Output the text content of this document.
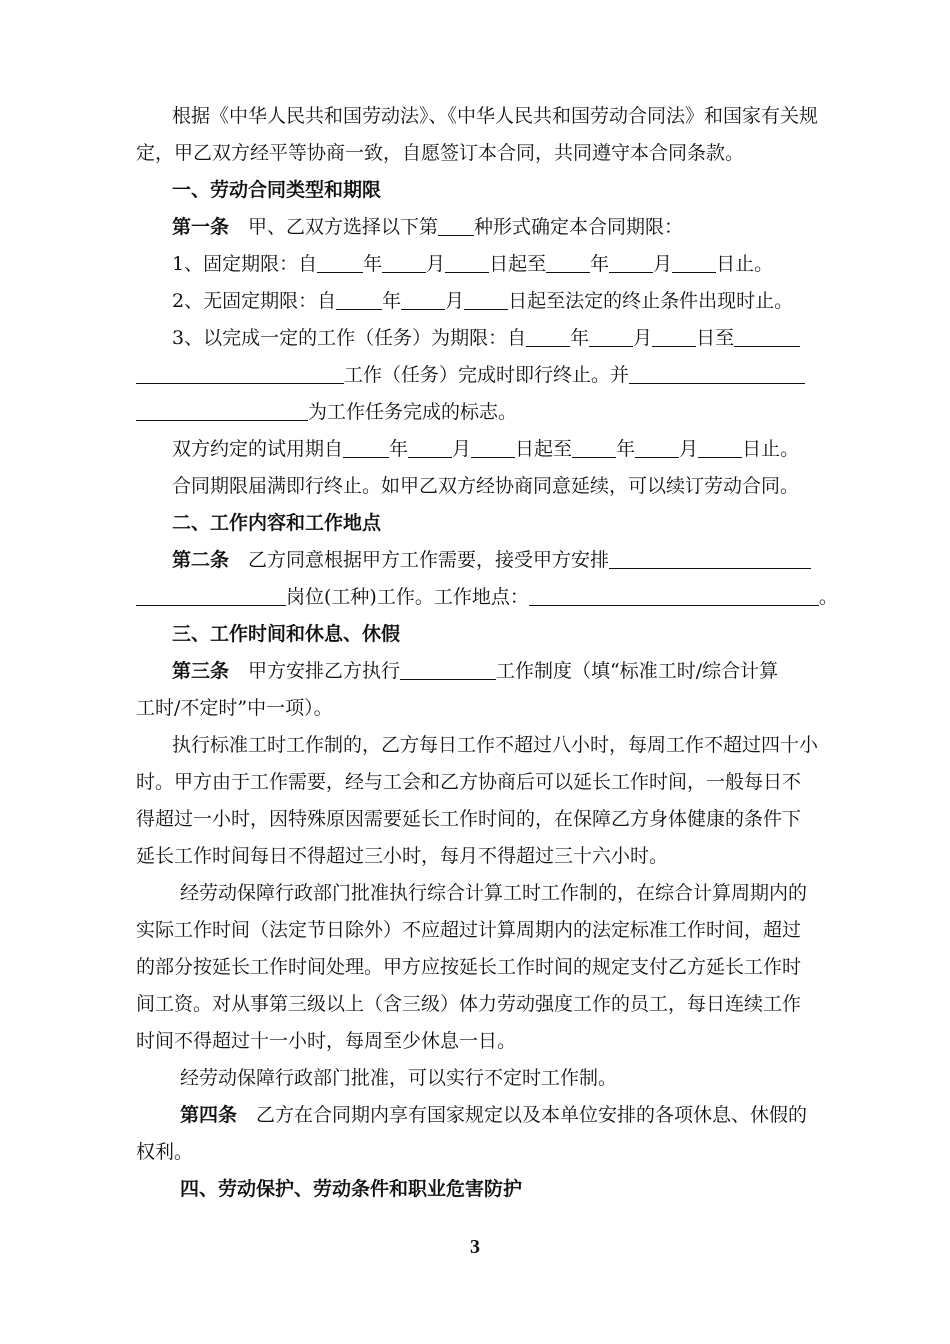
根据《中华人民共和国劳动法》、《中华人民共和国劳动合同法》和国家有关规
定，甲乙双方经平等协商一致，自愿签订本合同，共同遵守本合同条款。
一、劳动合同类型和期限
第一条 甲、乙双方选择以下第 种形式确定本合同期限：
1、固定期限：自 年 月 日起至 年 月 日止。
2、无固定期限：自 年 月 日起至法定的终止条件出现时止。
3、以完成一定的工作（任务）为期限：自 年 月 日至
工作（任务）完成时即行终止。并
为工作任务完成的标志。
双方约定的试用期自 年 月 日起至 年 月 日止。
合同期限届满即行终止。如甲乙双方经协商同意延续，可以续订劳动合同。
二、工作内容和工作地点
第二条 乙方同意根据甲方工作需要，接受甲方安排
岗位(工种)工作。工作地点：	。
三、工作时间和休息、休假
第三条 甲方安排乙方执行	工作制度（填“标准工时/综合计算
工时/不定时”中一项）。
执行标准工时工作制的，乙方每日工作不超过八小时，每周工作不超过四十小
时。甲方由于工作需要，经与工会和乙方协商后可以延长工作时间，一般每日不
得超过一小时，因特殊原因需要延长工作时间的，在保障乙方身体健康的条件下
延长工作时间每日不得超过三小时，每月不得超过三十六小时。
经劳动保障行政部门批准执行综合计算工时工作制的，在综合计算周期内的
实际工作时间（法定节日除外）不应超过计算周期内的法定标准工作时间，超过
的部分按延长工作时间处理。甲方应按延长工作时间的规定支付乙方延长工作时
间工资。对从事第三级以上（含三级）体力劳动强度工作的员工，每日连续工作
时间不得超过十一小时，每周至少休息一日。
经劳动保障行政部门批准，可以实行不定时工作制。
第四条 乙方在合同期内享有国家规定以及本单位安排的各项休息、休假的
权利。
四、劳动保护、劳动条件和职业危害防护
3
